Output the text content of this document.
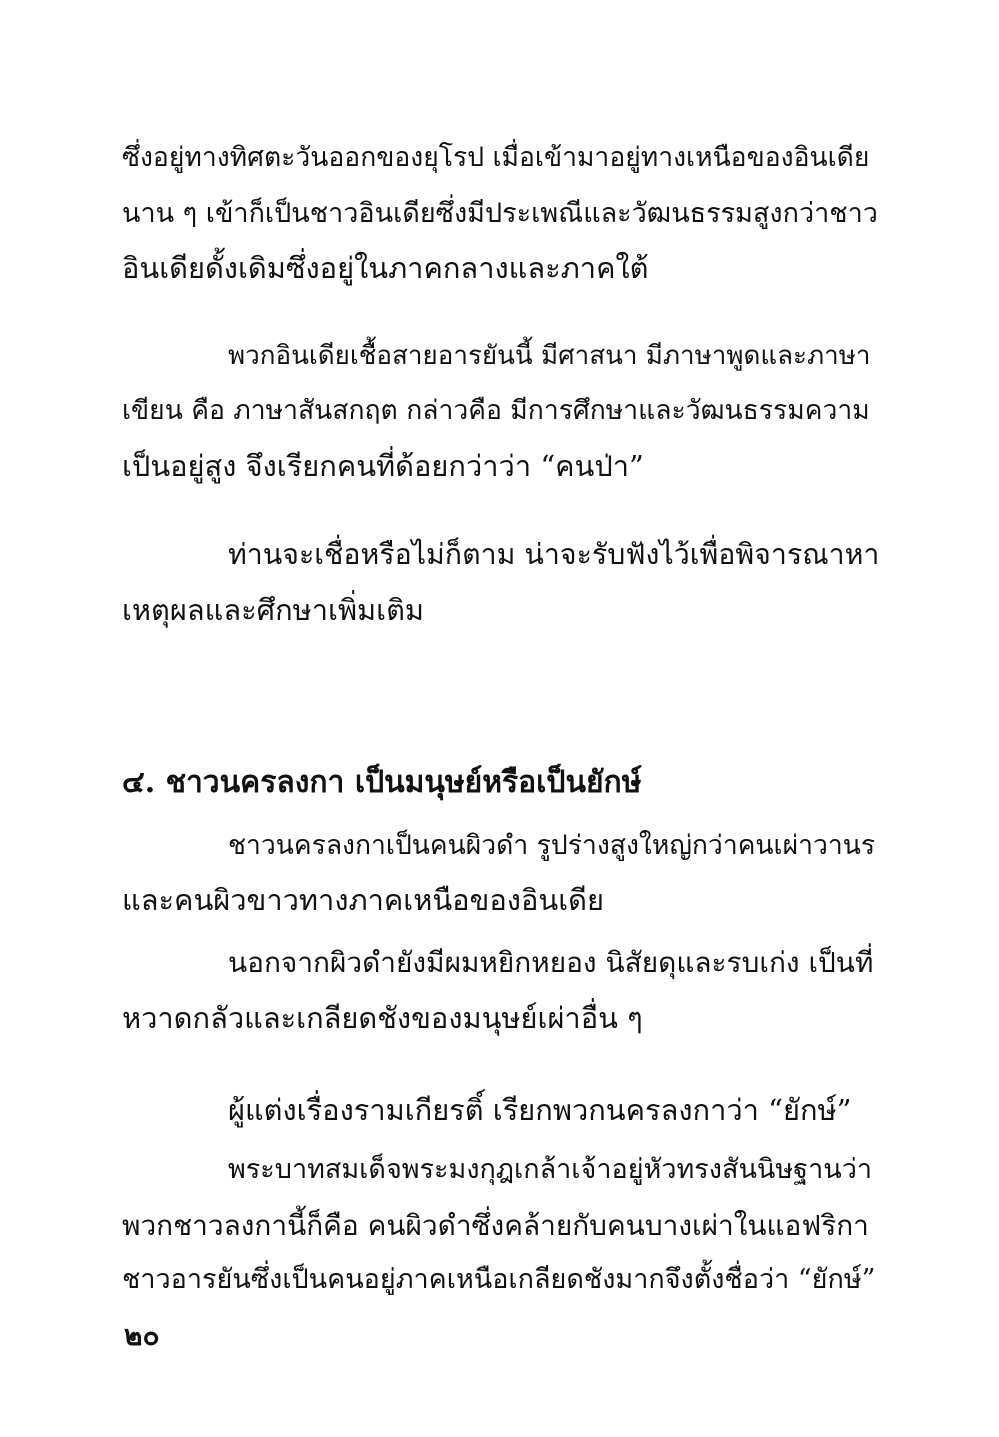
ซึ่งอยู่ทางทิศตะวันออกของยุโรป เมื่อเข้ามาอยู่ทางเหนือของอินเดีย
นาน ๆ เข้าก็เป็นชาวอินเดียซึ่งมีประเพณีและวัฒนธรรมสูงกว่าชาว
อินเดียดั้งเดิมซึ่งอยู่ในภาคกลางและภาคใต้
พวกอินเดียเชื้อสายอารยันนี้ มีศาสนา มีภาษาพูดและภาษา
เขียน คือ ภาษาสันสกฤต กล่าวคือ มีการศึกษาและวัฒนธรรมความ
เป็นอยู่สูง จึงเรียกคนที่ด้อยกว่าว่า “คนป่า”
ท่านจะเชื่อหรือไม่ก็ตาม น่าจะรับฟังไว้เพื่อพิจารณาหา
เหตุผลและศึกษาเพิ่มเติม
๔. ชาวนครลงกา เป็นมนุษย์หรือเป็นยักษ์
ชาวนครลงกาเป็นคนผิวดำ รูปร่างสูงใหญ่กว่าคนเผ่าวานร
และคนผิวขาวทางภาคเหนือของอินเดีย
นอกจากผิวดำยังมีผมหยิกหยอง นิสัยดุและรบเก่ง เป็นที่
หวาดกลัวและเกลียดชังของมนุษย์เผ่าอื่น ๆ
ผู้แต่งเรื่องรามเกียรติ์ เรียกพวกนครลงกาว่า “ยักษ์”
พระบาทสมเด็จพระมงกุฎเกล้าเจ้าอยู่หัวทรงสันนิษฐานว่า
พวกชาวลงกานี้ก็คือ คนผิวดำซึ่งคล้ายกับคนบางเผ่าในแอฟริกา
ชาวอารยันซึ่งเป็นคนอยู่ภาคเหนือเกลียดชังมากจึงตั้งชื่อว่า “ยักษ์”
๒๐
